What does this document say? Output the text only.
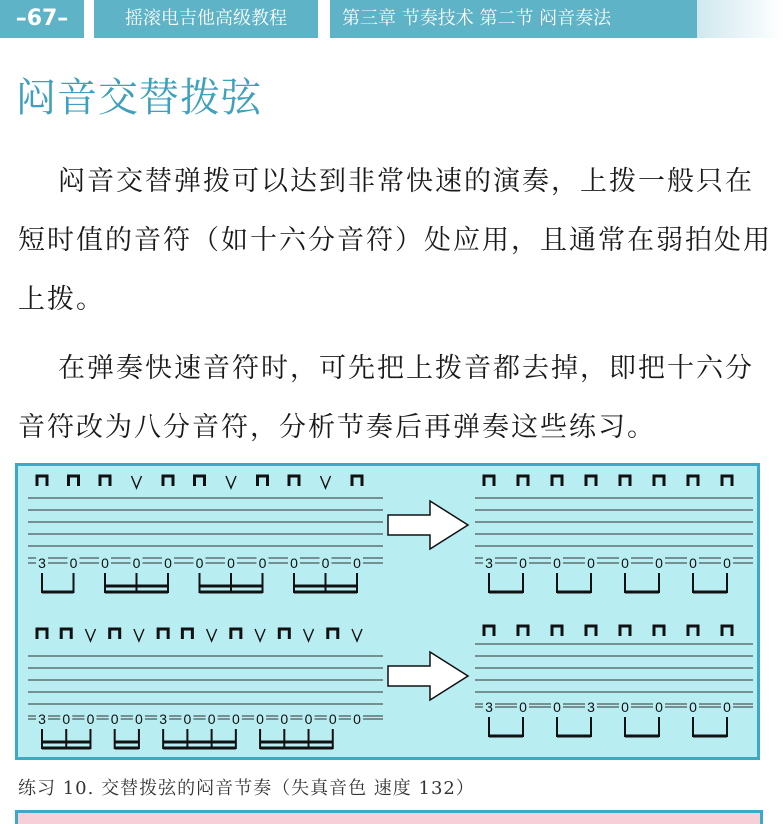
–67–	摇滚电吉他高级教程	第三章 节奏技术 第二节 闷音奏法
闷音交替拨弦
闷音交替弹拨可以达到非常快速的演奏，上拨一般只在短时值的音符（如十六分音符）处应用，且通常在弱拍处用上拨。
在弹奏快速音符时，可先把上拨音都去掉，即把十六分音符改为八分音符，分析节奏后再弹奏这些练习。
3 0 0 0 0 0 0 0 0 0 0	3 0 0 0 0 0 0 0
3 0 0 0 0 3 0 0 0 0 0 0 0 0
3 0 0 3 0 0 0 0
练习 10. 交替拨弦的闷音节奏（失真音色 速度 132）
